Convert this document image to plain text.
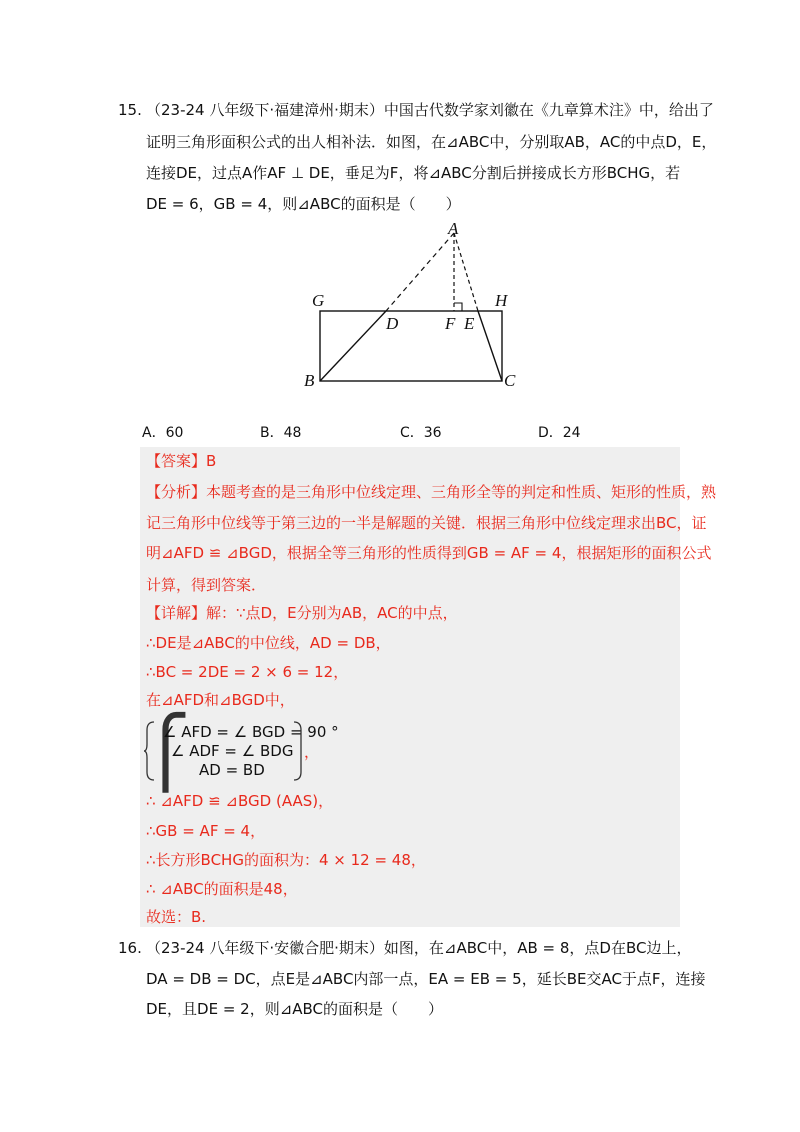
15. （23-24 八年级下·福建漳州·期末）中国古代数学家刘徽在《九章算术注》中，给出了
证明三角形面积公式的出人相补法．如图，在⊿ABC中，分别取AB，AC的中点D，E，
连接DE，过点A作AF ⊥ DE，垂足为F，将⊿ABC分割后拼接成长方形BCHG，若
DE = 6，GB = 4，则⊿ABC的面积是（　　）
A
G	H
D	F E
B	C
A．60	B．48	C．36	D．24
【答案】B
【分析】本题考查的是三角形中位线定理、三角形全等的判定和性质、矩形的性质，熟
记三角形中位线等于第三边的一半是解题的关键．根据三角形中位线定理求出BC，证
明⊿AFD ≌ ⊿BGD，根据全等三角形的性质得到GB = AF = 4，根据矩形的面积公式
计算，得到答案．
【详解】解：∵点D，E分别为AB，AC的中点，
∴DE是⊿ABC的中位线，AD = DB，
∴BC = 2DE = 2 × 6 = 12，
在⊿AFD和⊿BGD中，
⎧
∠ AFD = ∠ BGD = 90 °
∠ ADF = ∠ BDG
AD = BD
，
∴ ⊿AFD ≌ ⊿BGD (AAS)，
∴GB = AF = 4，
∴长方形BCHG的面积为：4 × 12 = 48，
∴ ⊿ABC的面积是48，
故选：B.
16. （23-24 八年级下·安徽合肥·期末）如图，在⊿ABC中，AB = 8，点D在BC边上，
DA = DB = DC，点E是⊿ABC内部一点，EA = EB = 5，延长BE交AC于点F，连接
DE，且DE = 2，则⊿ABC的面积是（　　）
